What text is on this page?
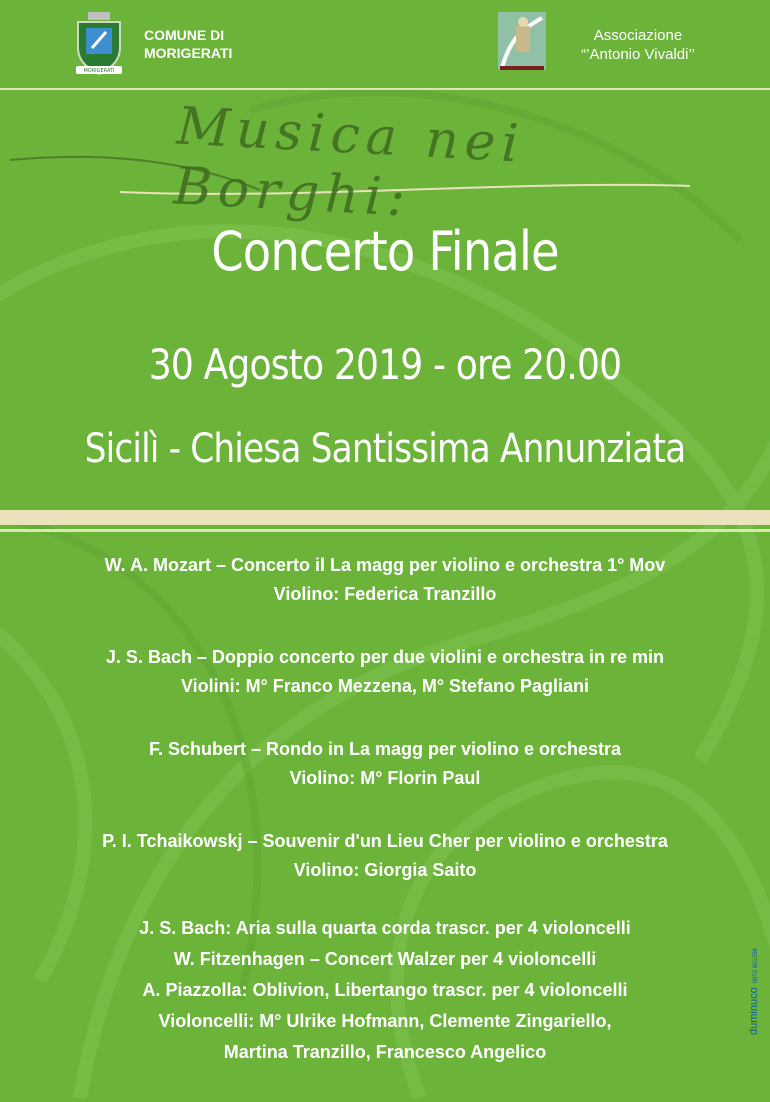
MORIGERATI
COMUNE DI
MORIGERATI
Associazione
“’Antonio Vivaldi’’
Musica nei Borghi:
Concerto Finale
30 Agosto 2019 - ore 20.00
Sicilì - Chiesa Santissima Annunziata
W. A. Mozart – Concerto il La magg per violino e orchestra 1° Mov
Violino: Federica Tranzillo
J. S. Bach – Doppio concerto per due violini e orchestra in re min
Violini: M° Franco Mezzena, M° Stefano Pagliani
F. Schubert – Rondo in La magg per violino e orchestra
Violino: M° Florin Paul
P. I. Tchaikowskj – Souvenir d'un Lieu Cher per violino e orchestra
Violino: Giorgia Saito
J. S. Bach: Aria sulla quarta corda trascr. per 4 violoncelli
W. Fitzenhagen – Concert Walzer per 4 violoncelli
A. Piazzolla: Oblivion, Libertango trascr. per 4 violoncelli
Violoncelli: M° Ulrike Hofmann, Clemente Zingariello,
Martina Tranzillo, Francesco Angelico
duminuco0972 801256
